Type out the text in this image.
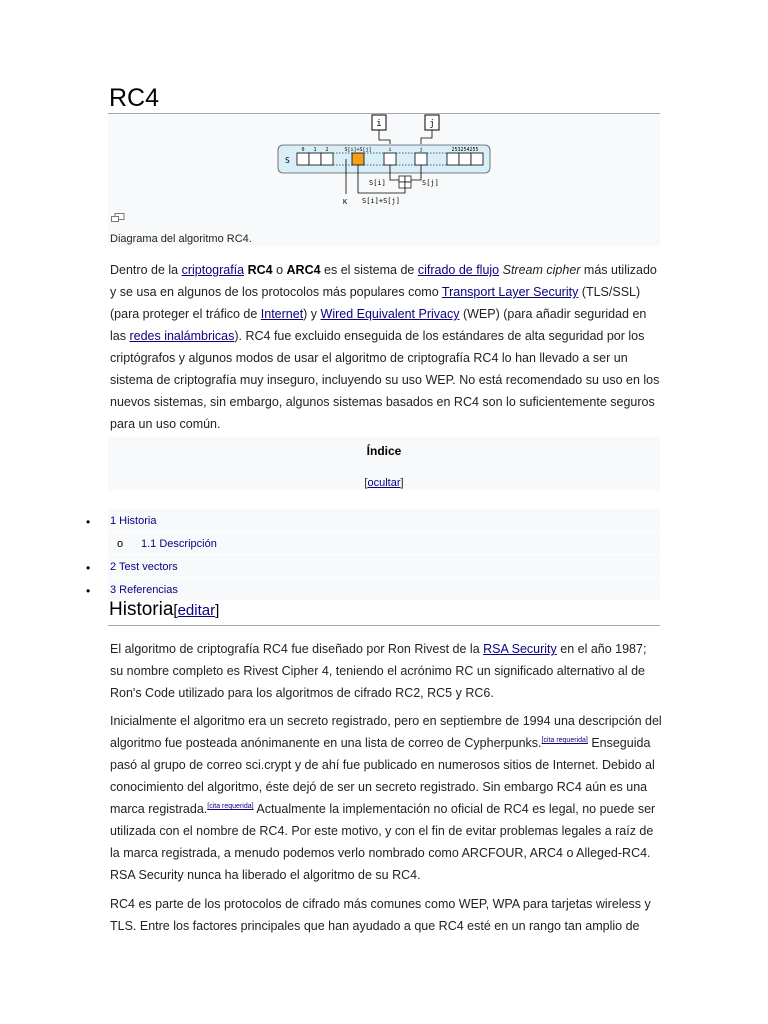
RC4
i	j
S
0 1 2	S[i]+S[j]	i	j	253254255
S[i]	S[j]
K S[i]+S[j]
Diagrama del algoritmo RC4.

Dentro de la criptografía RC4 o ARC4 es el sistema de cifrado de flujo Stream cipher más utilizado y se usa en algunos de los protocolos más populares como Transport Layer Security (TLS/SSL) (para proteger el tráfico de Internet) y Wired Equivalent Privacy (WEP) (para añadir seguridad en las redes inalámbricas). RC4 fue excluido enseguida de los estándares de alta seguridad por los criptógrafos y algunos modos de usar el algoritmo de criptografía RC4 lo han llevado a ser un sistema de criptografía muy inseguro, incluyendo su uso WEP. No está recomendado su uso en los nuevos sistemas, sin embargo, algunos sistemas basados en RC4 son lo suficientemente seguros para un uso común.

Índice
[ocultar]
• 1 Historia
o 1.1 Descripción
• 2 Test vectors
• 3 Referencias
Historia[editar]

El algoritmo de criptografía RC4 fue diseñado por Ron Rivest de la RSA Security en el año 1987; su nombre completo es Rivest Cipher 4, teniendo el acrónimo RC un significado alternativo al de Ron's Code utilizado para los algoritmos de cifrado RC2, RC5 y RC6.

Inicialmente el algoritmo era un secreto registrado, pero en septiembre de 1994 una descripción del algoritmo fue posteada anónimanente en una lista de correo de Cypherpunks.[cita requerida] Enseguida pasó al grupo de correo sci.crypt y de ahí fue publicado en numerosos sitios de Internet. Debido al conocimiento del algoritmo, éste dejó de ser un secreto registrado. Sin embargo RC4 aún es una marca registrada.[cita requerida] Actualmente la implementación no oficial de RC4 es legal, no puede ser utilizada con el nombre de RC4. Por este motivo, y con el fin de evitar problemas legales a raíz de la marca registrada, a menudo podemos verlo nombrado como ARCFOUR, ARC4 o Alleged-RC4. RSA Security nunca ha liberado el algoritmo de su RC4.

RC4 es parte de los protocolos de cifrado más comunes como WEP, WPA para tarjetas wireless y TLS. Entre los factores principales que han ayudado a que RC4 esté en un rango tan amplio de
